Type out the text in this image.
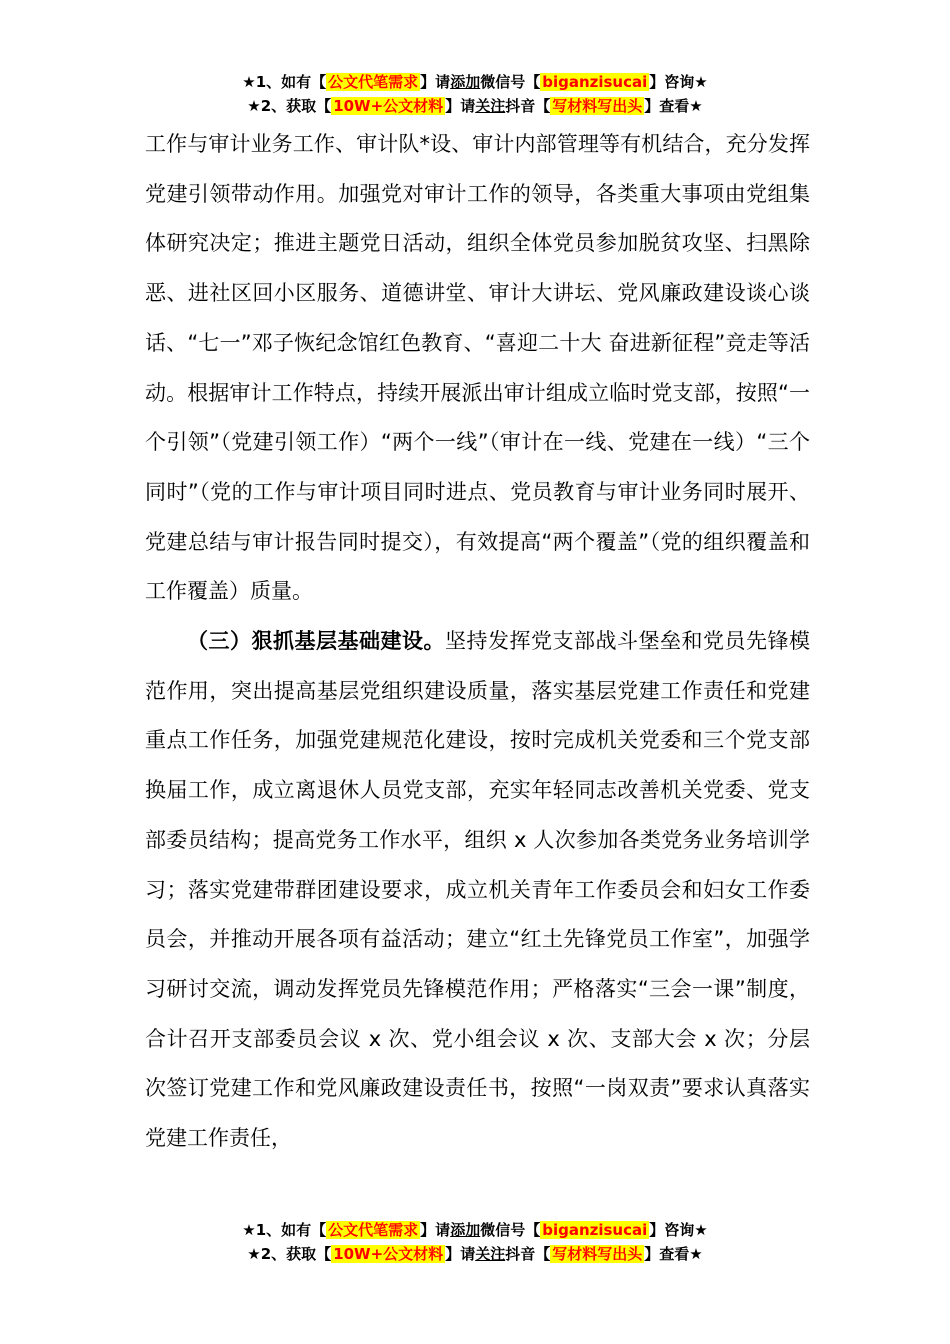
★1、如有【 公文代笔需求 】请添加微信号【 biganzisucai 】咨询★
★2、获取【 10W+公文材料 】请关注抖音【 写材料写出头 】查看★

工作与审计业务工作、审计队*设、审计内部管理等有机结合，充分发挥党建引领带动作用。加强党对审计工作的领导，各类重大事项由党组集体研究决定；推进主题党日活动，组织全体党员参加脱贫攻坚、扫黑除恶、进社区回小区服务、道德讲堂、审计大讲坛、党风廉政建设谈心谈话、“七一”邓子恢纪念馆红色教育、“喜迎二十大 奋进新征程”竞走等活动。根据审计工作特点，持续开展派出审计组成立临时党支部，按照“一个引领”（党建引领工作）“两个一线”（审计在一线、党建在一线）“三个同时”（党的工作与审计项目同时进点、党员教育与审计业务同时展开、党建总结与审计报告同时提交），有效提高“两个覆盖”（党的组织覆盖和工作覆盖）质量。

（三）狠抓基层基础建设。坚持发挥党支部战斗堡垒和党员先锋模范作用，突出提高基层党组织建设质量，落实基层党建工作责任和党建重点工作任务，加强党建规范化建设，按时完成机关党委和三个党支部换届工作，成立离退休人员党支部，充实年轻同志改善机关党委、党支部委员结构；提高党务工作水平，组织 x 人次参加各类党务业务培训学习；落实党建带群团建设要求，成立机关青年工作委员会和妇女工作委员会，并推动开展各项有益活动；建立“红土先锋党员工作室”，加强学习研讨交流，调动发挥党员先锋模范作用；严格落实“三会一课”制度，合计召开支部委员会议 x 次、党小组会议 x 次、支部大会 x 次；分层次签订党建工作和党风廉政建设责任书，按照“一岗双责”要求认真落实党建工作责任，

★1、如有【 公文代笔需求 】请添加微信号【 biganzisucai 】咨询★
★2、获取【 10W+公文材料 】请关注抖音【 写材料写出头 】查看★
